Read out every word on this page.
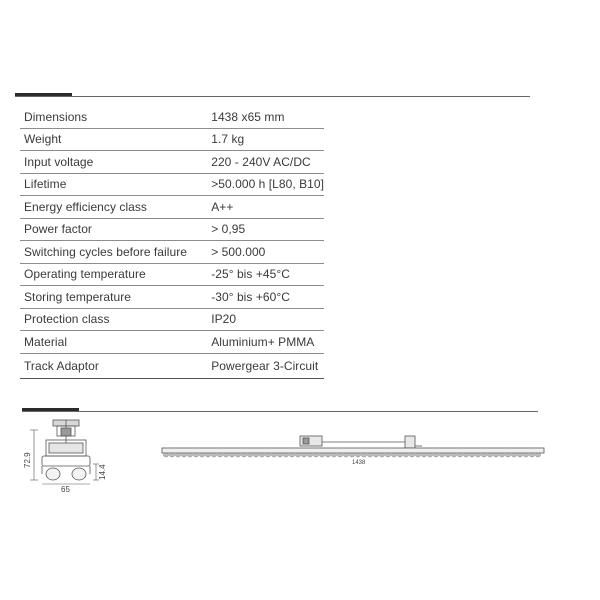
Dimensions	1438 x65 mm
Weight	1.7 kg
Input voltage	220 - 240V AC/DC
Lifetime	>50.000 h [L80, B10]
Energy efficiency class	A++
Power factor	> 0,95
Switching cycles before failure	> 500.000
Operating temperature	-25° bis +45°C
Storing temperature	-30° bis +60°C
Protection class	IP20
Material	Aluminium+ PMMA
Track Adaptor	Powergear 3-Circuit
72.9
14.4
65
1438
